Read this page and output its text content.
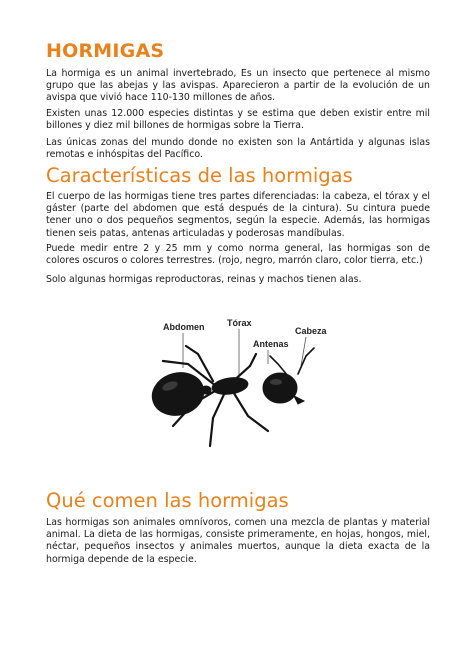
HORMIGAS

La hormiga es un animal invertebrado, Es un insecto que pertenece al mismo grupo que las abejas y las avispas. Aparecieron a partir de la evolución de un avispa que vivió hace 110-130 millones de años.

Existen unas 12.000 especies distintas y se estima que deben existir entre mil billones y diez mil billones de hormigas sobre la Tierra.

Las únicas zonas del mundo donde no existen son la Antártida y algunas islas remotas e inhóspitas del Pacífico.

Características de las hormigas

El cuerpo de las hormigas tiene tres partes diferenciadas: la cabeza, el tórax y el gáster (parte del abdomen que está después de la cintura). Su cintura puede tener uno o dos pequeños segmentos, según la especie. Además, las hormigas tienen seis patas, antenas articuladas y poderosas mandíbulas.

Puede medir entre 2 y 25 mm y como norma general, las hormigas son de colores oscuros o colores terrestres. (rojo, negro, marrón claro, color tierra, etc.)

Solo algunas hormigas reproductoras, reinas y machos tienen alas.

Abdomen	Tórax
Antenas
Cabeza
Qué comen las hormigas

Las hormigas son animales omnívoros, comen una mezcla de plantas y material animal. La dieta de las hormigas, consiste primeramente, en hojas, hongos, miel, néctar, pequeños insectos y animales muertos, aunque la dieta exacta de la hormiga depende de la especie.
